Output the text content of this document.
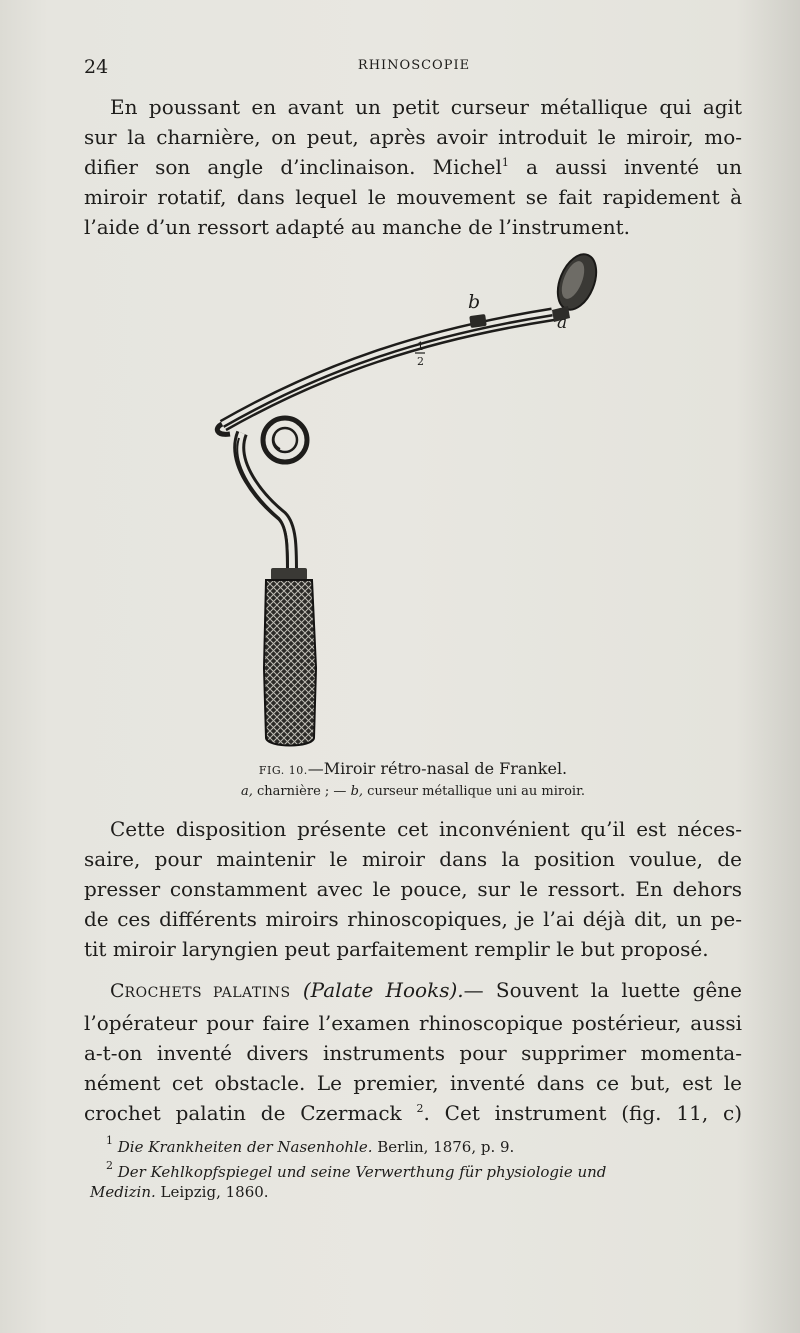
24	RHINOSCOPIE

En poussant en avant un petit curseur métallique qui agit
sur la charnière, on peut, après avoir introduit le miroir, mo-
difier son angle d’inclinaison. Michel$^1$ a aussi inventé un
miroir rotatif, dans lequel le mouvement se fait rapidement à
l’aide d’un ressort adapté au manche de l’instrument.

b
a
1
2
FIG. 10.—Miroir rétro-nasal de Frankel.
a, charnière ; — b, curseur métallique uni au miroir.

Cette disposition présente cet inconvénient qu’il est néces-
saire, pour maintenir le miroir dans la position voulue, de
presser constamment avec le pouce, sur le ressort. En dehors
de ces différents miroirs rhinoscopiques, je l’ai déjà dit, un pe-
tit miroir laryngien peut parfaitement remplir le but proposé.

CROCHETS PALATINS (Palate Hooks).— Souvent la luette gêne
l’opérateur pour faire l’examen rhinoscopique postérieur, aussi
a-t-on inventé divers instruments pour supprimer momenta-
nément cet obstacle. Le premier, inventé dans ce but, est le
crochet palatin de Czermack $^2$. Cet instrument (fig. 11, c)

$^1$ Die Krankheiten der Nasenhohle. Berlin, 1876, p. 9.

$^2$ Der Kehlkopfspiegel und seine Verwerthung für physiologie und
Medizin. Leipzig, 1860.
